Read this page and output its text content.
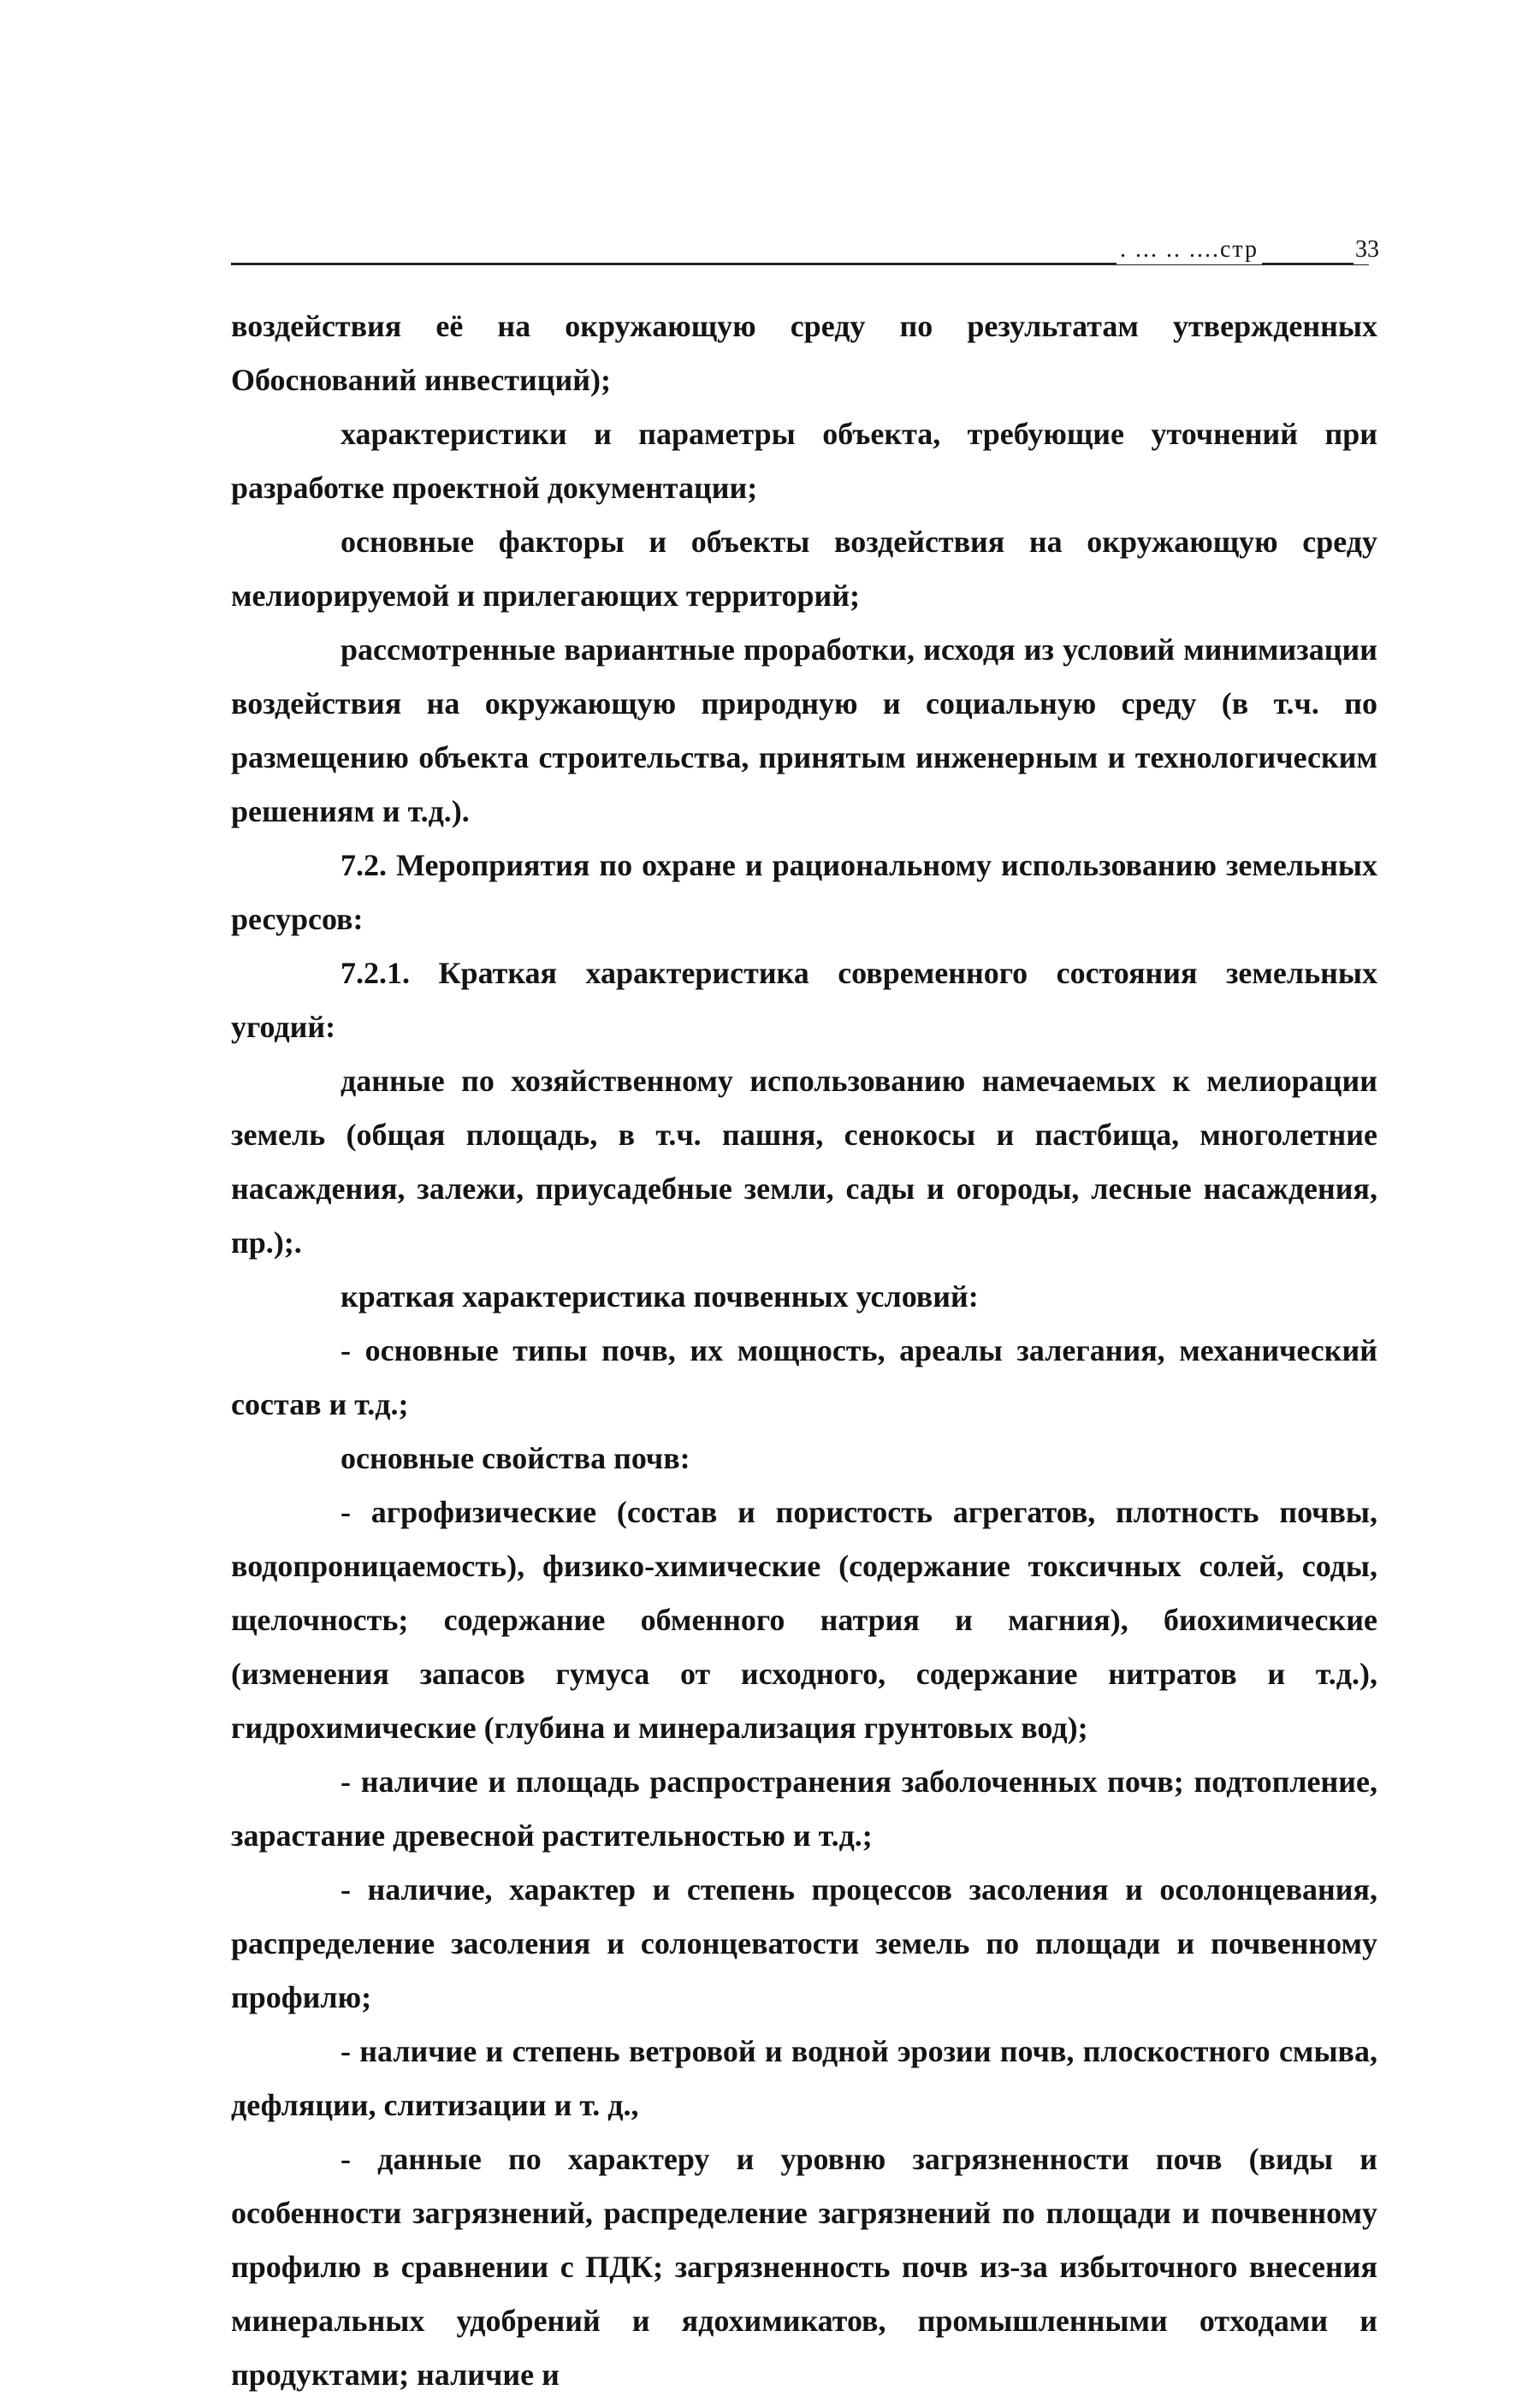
. ... .. ....стр	33

воздействия её на окружающую среду по результатам утвержденных Обоснований инвестиций);

характеристики и параметры объекта, требующие уточнений при разработке проектной документации;

основные факторы и объекты воздействия на окружающую среду мелиорируемой и прилегающих территорий;

рассмотренные вариантные проработки, исходя из условий минимизации воздействия на окружающую природную и социальную среду (в т.ч. по размещению объекта строительства, принятым инженерным и технологическим решениям и т.д.).

7.2. Мероприятия по охране и рациональному использованию земельных ресурсов:

7.2.1. Краткая характеристика современного состояния земельных угодий:

данные по хозяйственному использованию намечаемых к мелиорации земель (общая площадь, в т.ч. пашня, сенокосы и пастбища, многолетние насаждения, залежи, приусадебные земли, сады и огороды, лесные насаждения, пр.);.

краткая характеристика почвенных условий:

- основные типы почв, их мощность, ареалы залегания, механический состав и т.д.;

основные свойства почв:

- агрофизические (состав и пористость агрегатов, плотность почвы, водопроницаемость), физико-химические (содержание токсичных солей, соды, щелочность; содержание обменного натрия и магния), биохимические (изменения запасов гумуса от исходного, содержание нитратов и т.д.), гидрохимические (глубина и минерализация грунтовых вод);

- наличие и площадь распространения заболоченных почв; подтопление, зарастание древесной растительностью и т.д.;

- наличие, характер и степень процессов засоления и осолонцевания, распределение засоления и солонцеватости земель по площади и почвенному профилю;

- наличие и степень ветровой и водной эрозии почв, плоскостного смыва, дефляции, слитизации и т. д.,

- данные по характеру и уровню загрязненности почв (виды и особенности загрязнений, распределение загрязнений по площади и почвенному профилю в сравнении с ПДК; загрязненность почв из-за избыточного внесения минеральных удобрений и ядохимикатов, промышленными отходами и продуктами; наличие и
